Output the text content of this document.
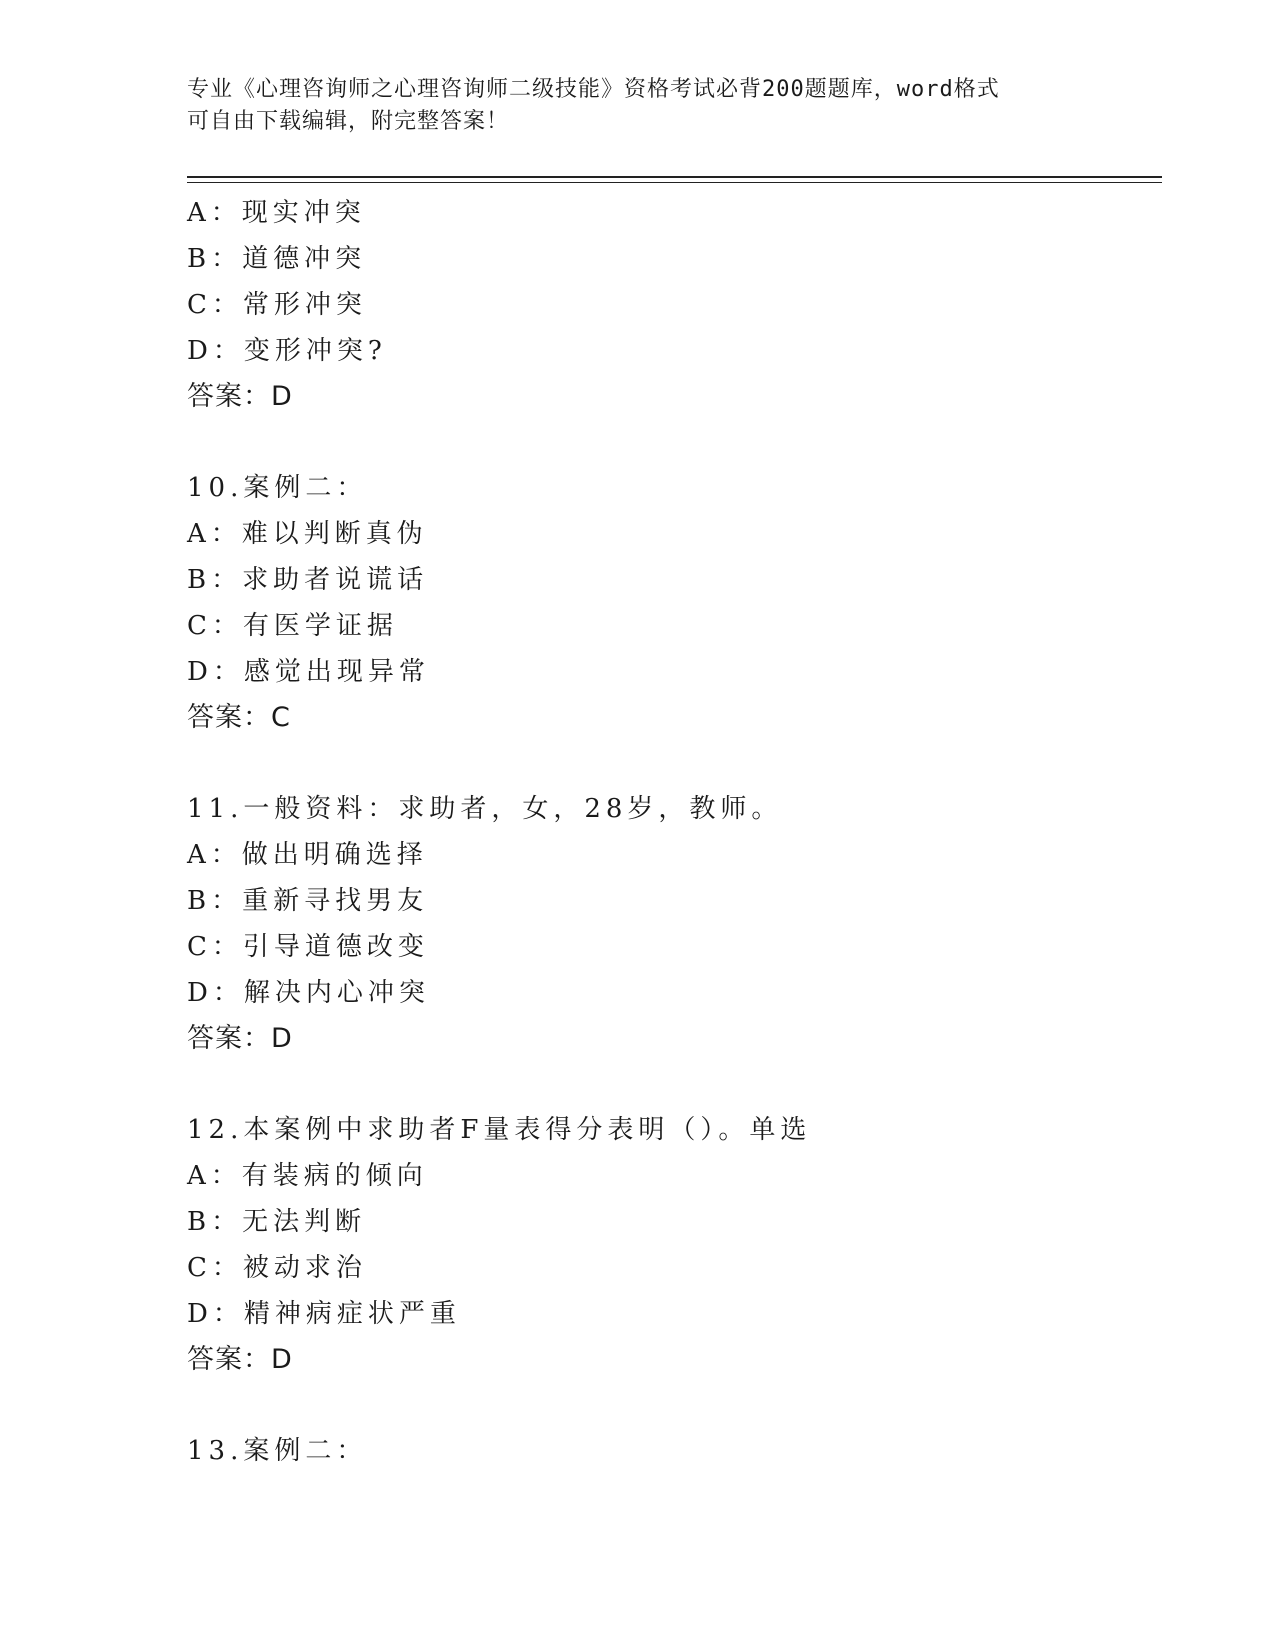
专业《心理咨询师之心理咨询师二级技能》资格考试必背200题题库，word格式
可自由下载编辑，附完整答案！
A：现实冲突
B：道德冲突
C：常形冲突
D：变形冲突?
答案：D
10.案例二：
A：难以判断真伪
B：求助者说谎话
C：有医学证据
D：感觉出现异常
答案：C
11.一般资料：求助者，女，28岁，教师。
A：做出明确选择
B：重新寻找男友
C：引导道德改变
D：解决内心冲突
答案：D
12.本案例中求助者F量表得分表明（）。单选
A：有装病的倾向
B：无法判断
C：被动求治
D：精神病症状严重
答案：D
13.案例二：
